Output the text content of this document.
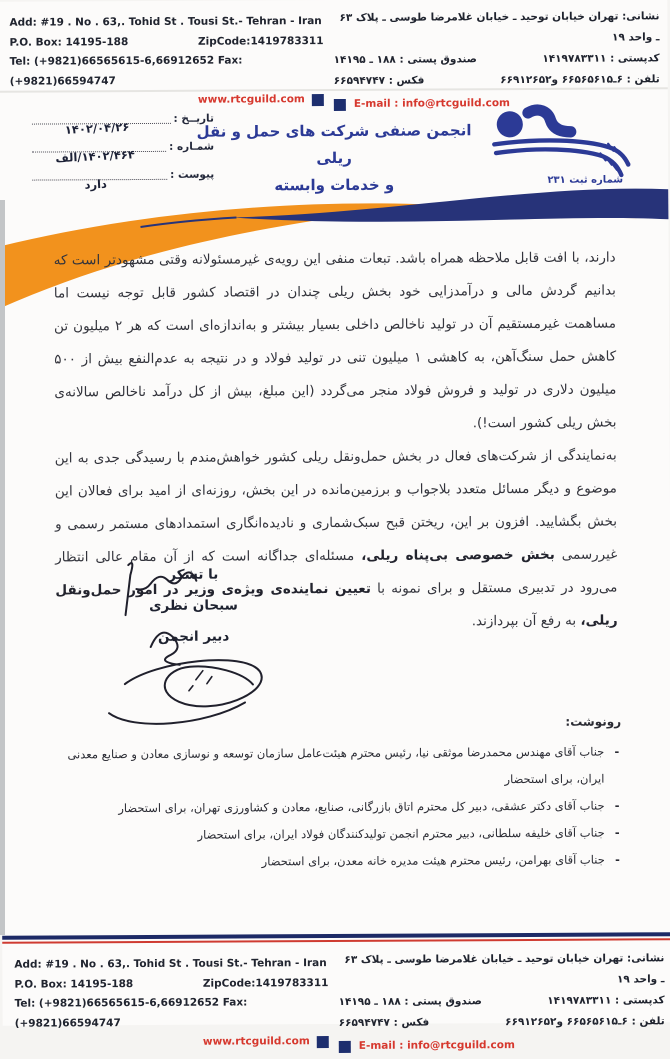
Add: #19 . No . 63,. Tohid St . Tousi St.- Tehran - Iran
P.O. Box: 14195-188	ZipCode:1419783311
Tel: (+9821)66565615-6,66912652 Fax: (+9821)66594747
www.rtcguild.com
نشانی: تهران خیابان توحید ـ خیابان غلامرضا طوسی ـ پلاک ۶۳ ـ واحد ۱۹
کدپستی : ۱۴۱۹۷۸۳۳۱۱
صندوق پستی : ۱۸۸ ـ ۱۴۱۹۵
تلفن : ۶ـ۶۶۵۶۵۶۱۵ و۶۶۹۱۲۶۵۲
فکس : ۶۶۵۹۴۷۴۷
E-mail : info@rtcguild.com
تاریــخ :
۱۴۰۲/۰۴/۲۶
شمـاره :
۱۴۰۲/۴۶۴/الف
پیوست :
دارد
انجمن صنفی شرکت های حمل و نقل ریلی
و خدمات وابسته	شماره ثبت ۲۳۱

دارند، با افت قابل ملاحظه همراه باشد. تبعات منفی این رویه‌ی غیرمسئولانه وقتی مشهودتر است که بدانیم گردش مالی و درآمدزایی خود بخش ریلی چندان در اقتصاد کشور قابل توجه نیست اما مساهمت غیرمستقیم آن در تولید ناخالص داخلی بسیار بیشتر و به‌اندازه‌ای است که هر ۲ میلیون تن کاهش حمل سنگ‌آهن، به کاهشی ۱ میلیون تنی در تولید فولاد و در نتیجه به عدم‌النفع بیش از ۵۰۰ میلیون دلاری در تولید و فروش فولاد منجر می‌گردد (این مبلغ، بیش از کل درآمد ناخالص سالانه‌ی بخش ریلی کشور است!).

به‌نمایندگی از شرکت‌های فعال در بخش حمل‌ونقل ریلی کشور خواهش‌مندم با رسیدگی جدی به این موضوع و دیگر مسائل متعدد بلاجواب و برزمین‌مانده در این بخش، روزنه‌ای از امید برای فعالان این بخش بگشایید. افزون بر این، ریختن قبح سبک‌شماری و نادیده‌انگاری استمدادهای مستمر رسمی و غیررسمی بخش خصوصی بی‌پناه ریلی، مسئله‌ای جداگانه است که از آن مقام عالی انتظار می‌رود در تدبیری مستقل و برای نمونه با تعیین نماینده‌ی ویژه‌ی وزیر در امور حمل‌ونقل ریلی، به رفع آن بپردازند.

با تشکر
سبحان نظری
دبیر انجمن
رونوشت:
- جناب آقای مهندس محمدرضا موثقی نیا، رئیس محترم هیئت‌عامل سازمان توسعه و نوسازی معادن و صنایع معدنی ایران، برای استحضار
- جناب آقای دکتر عشقی، دبیر کل محترم اتاق بازرگانی، صنایع، معادن و کشاورزی تهران، برای استحضار
- جناب آقای خلیفه سلطانی، دبیر محترم انجمن تولیدکنندگان فولاد ایران، برای استحضار
- جناب آقای بهرامن، رئیس محترم هیئت مدیره خانه معدن، برای استحضار
Add: #19 . No . 63,. Tohid St . Tousi St.- Tehran - Iran
P.O. Box: 14195-188	ZipCode:1419783311
Tel: (+9821)66565615-6,66912652 Fax: (+9821)66594747
www.rtcguild.com
نشانی: تهران خیابان توحید ـ خیابان غلامرضا طوسی ـ پلاک ۶۳ ـ واحد ۱۹
کدپستی : ۱۴۱۹۷۸۳۳۱۱
صندوق پستی : ۱۸۸ ـ ۱۴۱۹۵
تلفن : ۶ـ۶۶۵۶۵۶۱۵ و۶۶۹۱۲۶۵۲
فکس : ۶۶۵۹۴۷۴۷
E-mail : info@rtcguild.com
